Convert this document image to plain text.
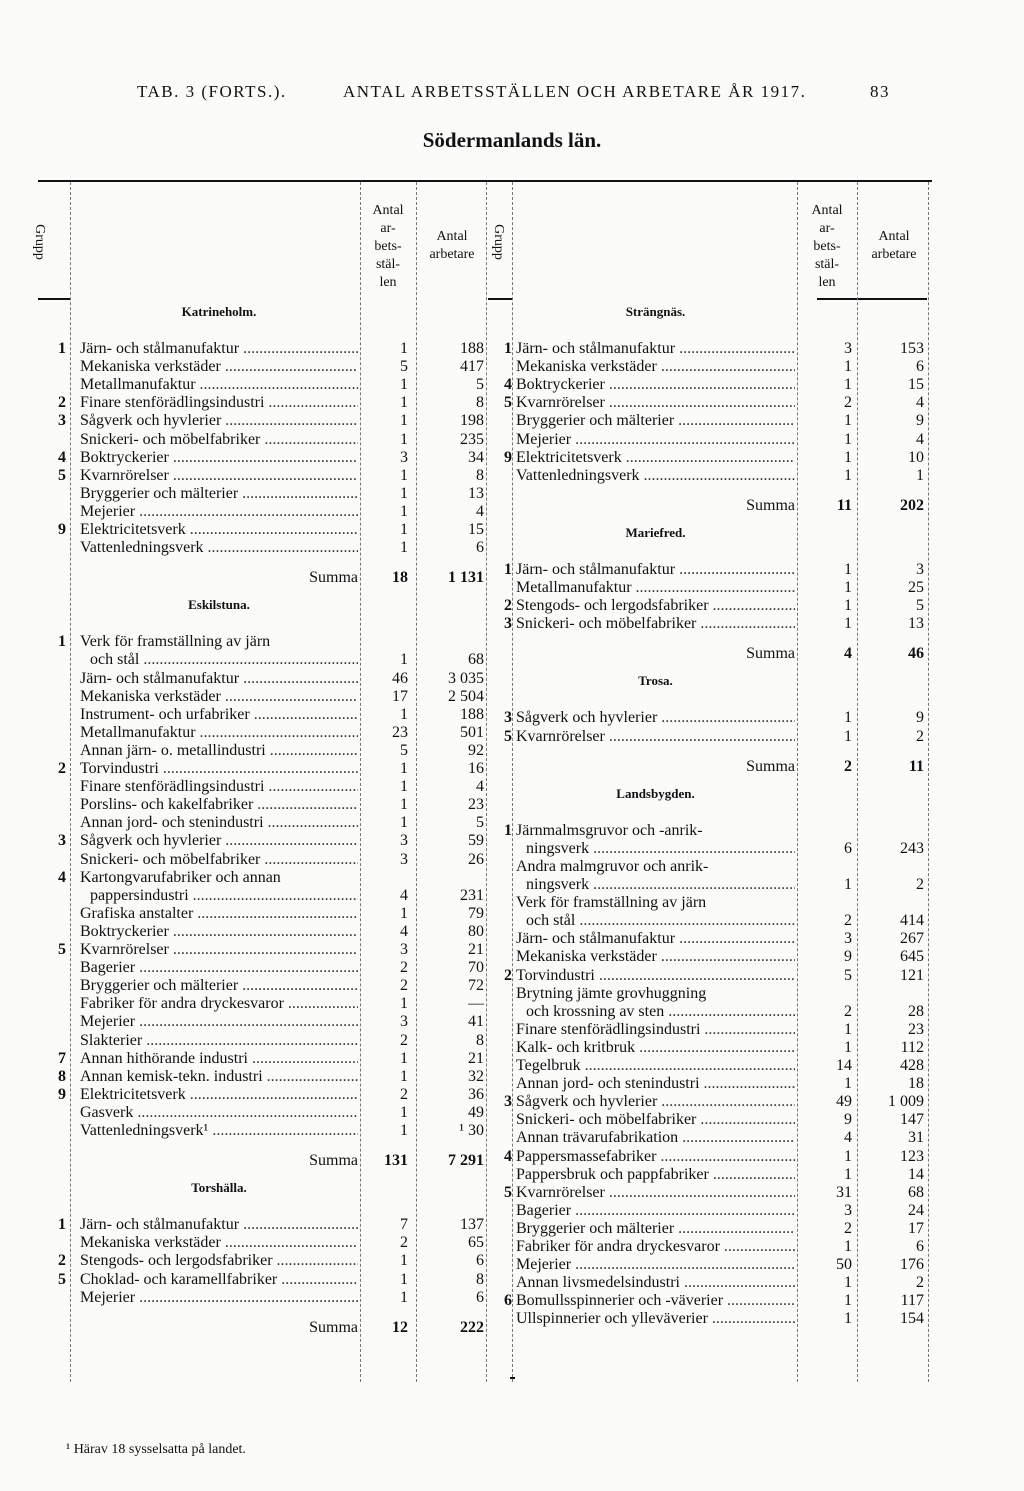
TAB. 3 (FORTS.).	ANTAL ARBETSSTÄLLEN OCH ARBETARE ÅR 1917.	83
Södermanlands län.
Grupp	Grupp
Antal
ar-
bets-
stäl-
len
Antal arbetare
Antal
ar-
bets-
stäl-
len
Antal arbetare
Katrineholm.
1 Järn- och stålmanufaktur .....	1	188
Mekaniska verkstäder .....	5	417
Metallmanufaktur .....	1	5
2 Finare stenförädlingsindustri .....	1	8
3 Sågverk och hyvlerier .....	1	198
Snickeri- och möbelfabriker .....	1	235
4 Boktryckerier .....	3	34
5 Kvarnrörelser .....	1	8
Bryggerier och mälterier .....	1	13
Mejerier .....	1	4
9 Elektricitetsverk .....	1	15
Vattenledningsverk .....	1	6
Summa	18	1 131
Eskilstuna.
1 Verk för framställning av järn
och stål .....	1	68
Järn- och stålmanufaktur .....	46	3 035
Mekaniska verkstäder .....	17	2 504
Instrument- och urfabriker .....	1	188
Metallmanufaktur .....	23	501
Annan järn- o. metallindustri .....	5	92
2 Torvindustri .....	1	16
Finare stenförädlingsindustri .....	1	4
Porslins- och kakelfabriker .....	1	23
Annan jord- och stenindustri .....	1	5
3 Sågverk och hyvlerier .....	3	59
Snickeri- och möbelfabriker .....	3	26
4 Kartongvarufabriker och annan
pappersindustri .....	4	231
Grafiska anstalter .....	1	79
Boktryckerier .....	4	80
5 Kvarnrörelser .....	3	21
Bagerier .....	2	70
Bryggerier och mälterier .....	2	72
Fabriker för andra dryckesvaror .....	1	—
Mejerier .....	3	41
Slakterier .....	2	8
7 Annan hithörande industri .....	1	21
8 Annan kemisk-tekn. industri .....	1	32
9 Elektricitetsverk .....	2	36
Gasverk .....	1	49
Vattenledningsverk¹ .....	1	¹ 30
Summa	131	7 291
Torshälla.
1 Järn- och stålmanufaktur .....	7	137
Mekaniska verkstäder .....	2	65
2 Stengods- och lergodsfabriker .....	1	6
5 Choklad- och karamellfabriker .....	1	8
Mejerier .....	1	6
Summa	12	222
Strängnäs.
1 Järn- och stålmanufaktur .....	3	153
Mekaniska verkstäder .....	1	6
4 Boktryckerier .....	1	15
5 Kvarnrörelser .....	2	4
Bryggerier och mälterier .....	1	9
Mejerier .....	1	4
9 Elektricitetsverk .....	1	10
Vattenledningsverk .....	1	1
Summa	11	202
Mariefred.
1 Järn- och stålmanufaktur .....	1	3
Metallmanufaktur .....	1	25
2 Stengods- och lergodsfabriker .....	1	5
3 Snickeri- och möbelfabriker .....	1	13
Summa	4	46
Trosa.
3 Sågverk och hyvlerier .....	1	9
5 Kvarnrörelser .....	1	2
Summa	2	11
Landsbygden.
1 Järnmalmsgruvor och -anrik-
ningsverk .....	6	243
Andra malmgruvor och anrik-
ningsverk .....	1	2
Verk för framställning av järn
och stål .....	2	414
Järn- och stålmanufaktur .....	3	267
Mekaniska verkstäder .....	9	645
2 Torvindustri .....	5	121
Brytning jämte grovhuggning
och krossning av sten .....	2	28
Finare stenförädlingsindustri .....	1	23
Kalk- och kritbruk .....	1	112
Tegelbruk .....	14	428
Annan jord- och stenindustri .....	1	18
3 Sågverk och hyvlerier .....	49	1 009
Snickeri- och möbelfabriker .....	9	147
Annan trävarufabrikation .....	4	31
4 Pappersmassefabriker .....	1	123
Pappersbruk och pappfabriker .....	1	14
5 Kvarnrörelser .....	31	68
Bagerier .....	3	24
Bryggerier och mälterier .....	2	17
Fabriker för andra dryckesvaror .....	1	6
Mejerier .....	50	176
Annan livsmedelsindustri .....	1	2
6 Bomullsspinnerier och -väverier .....	1	117
Ullspinnerier och ylleväverier .....	1	154
¹ Härav 18 sysselsatta på landet.
